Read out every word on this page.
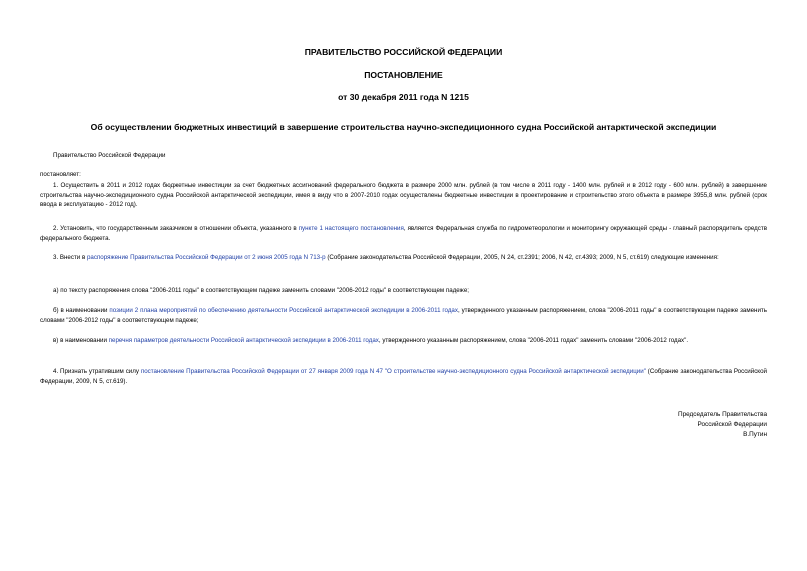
ПРАВИТЕЛЬСТВО РОССИЙСКОЙ ФЕДЕРАЦИИ
ПОСТАНОВЛЕНИЕ
от 30 декабря 2011 года N 1215
Об осуществлении бюджетных инвестиций в завершение строительства научно-экспедиционного судна Российской антарктической экспедиции
Правительство Российской Федерации
постановляет:
1. Осуществить в 2011 и 2012 годах бюджетные инвестиции за счет бюджетных ассигнований федерального бюджета в размере 2000 млн. рублей (в том числе в 2011 году - 1400 млн. рублей и в 2012 году - 600 млн. рублей) в завершение строительства научно-экспедиционного судна Российской антарктической экспедиции, имея в виду что в 2007-2010 годах осуществлены бюджетные инвестиции в проектирование и строительство этого объекта в размере 3955,8 млн. рублей (срок ввода в эксплуатацию - 2012 год).
2. Установить, что государственным заказчиком в отношении объекта, указанного в пункте 1 настоящего постановления, является Федеральная служба по гидрометеорологии и мониторингу окружающей среды - главный распорядитель средств федерального бюджета.
3. Внести в распоряжение Правительства Российской Федерации от 2 июня 2005 года N 713-р (Собрание законодательства Российской Федерации, 2005, N 24, ст.2391; 2006, N 42, ст.4393; 2009, N 5, ст.619) следующие изменения:
а) по тексту распоряжения слова "2006-2011 годы" в соответствующем падеже заменить словами "2006-2012 годы" в соответствующем падеже;
б) в наименовании позиции 2 плана мероприятий по обеспечению деятельности Российской антарктической экспедиции в 2006-2011 годах, утвержденного указанным распоряжением, слова "2006-2011 годы" в соответствующем падеже заменить словами "2006-2012 годы" в соответствующем падеже;
в) в наименовании перечня параметров деятельности Российской антарктической экспедиции в 2006-2011 годах, утвержденного указанным распоряжением, слова "2006-2011 годах" заменить словами "2006-2012 годах".
4. Признать утратившим силу постановление Правительства Российской Федерации от 27 января 2009 года N 47 "О строительстве научно-экспедиционного судна Российской антарктической экспедиции" (Собрание законодательства Российской Федерации, 2009, N 5, ст.619).
Председатель Правительства
Российской Федерации
В.Путин
